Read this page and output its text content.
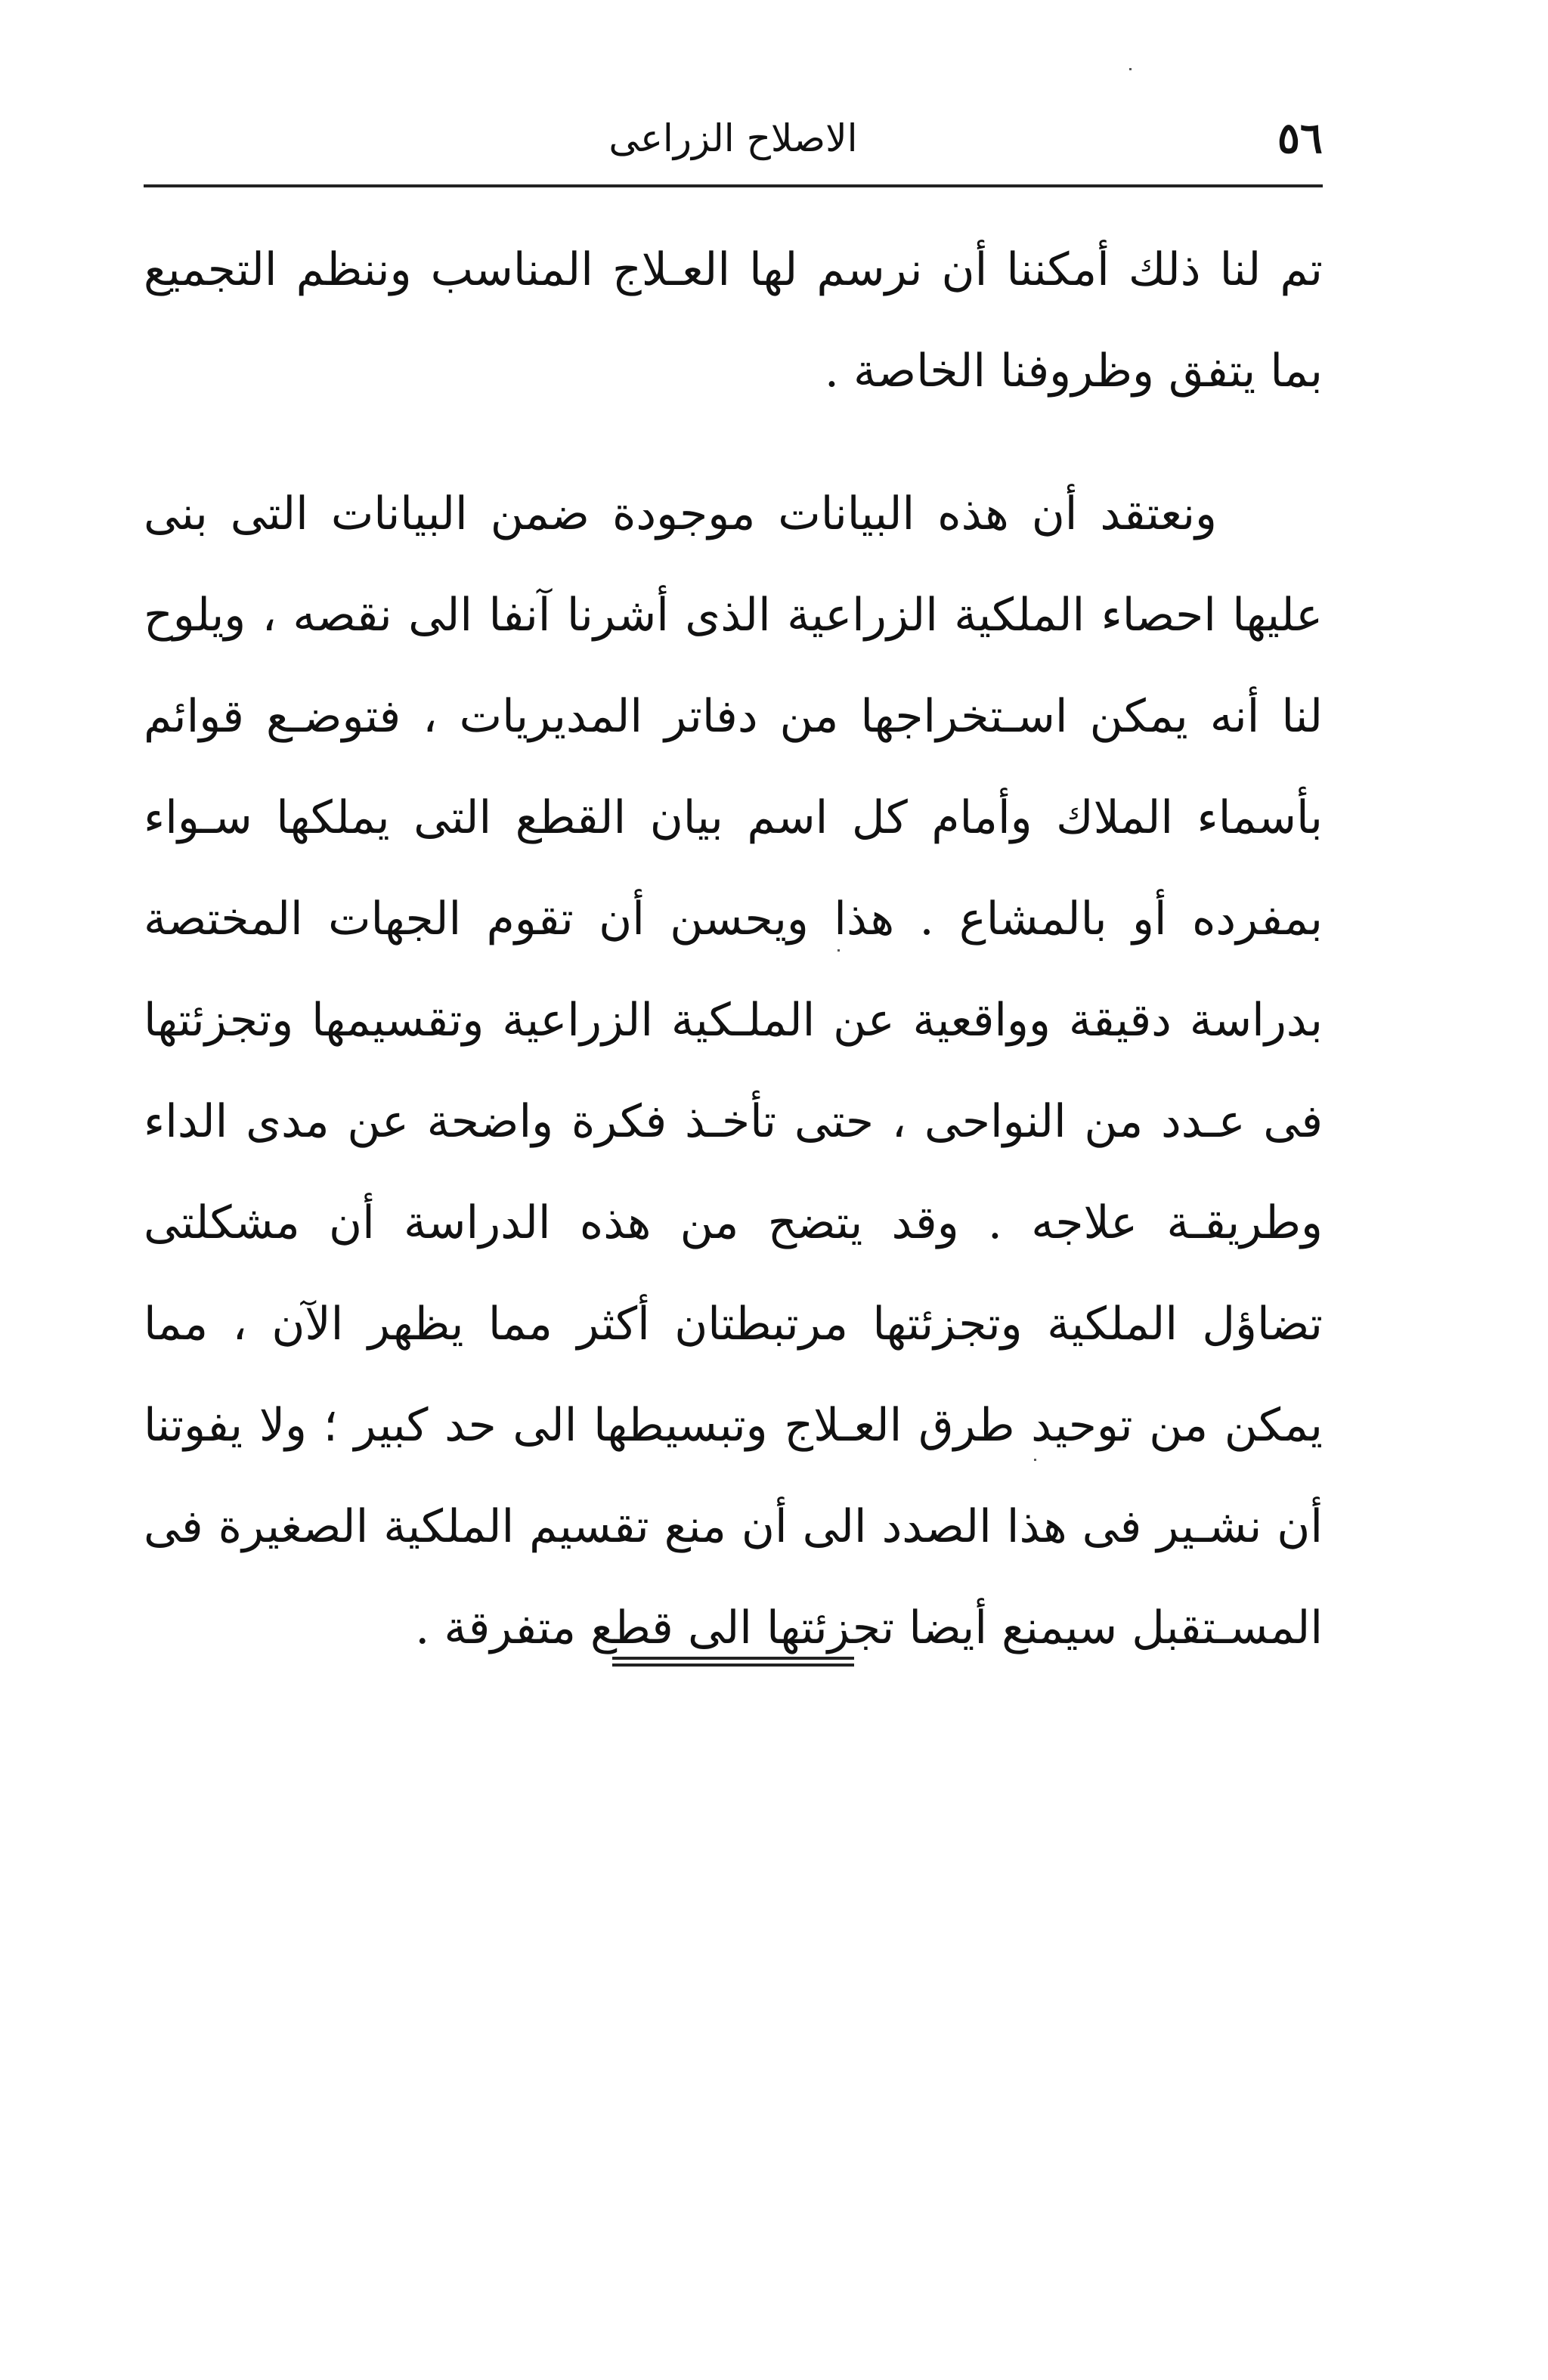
٥٦
الاصلاح الزراعى

تم لنا ذلك أمكننا أن نرسم لها العـلاج المناسب وننظم التجميع بما يتفق وظروفنا الخاصة .

ونعتقد أن هذه البيانات موجودة ضمن البيانات التى بنى عليها احصاء الملكية الزراعية الذى أشرنا آنفا الى نقصه ، ويلوح لنا أنه يمكن اسـتخراجها من دفاتر المديريات ، فتوضـع قوائم بأسماء الملاك وأمام كل اسم بيان القطع التى يملكها سـواء بمفرده أو بالمشاع . هذا ويحسن أن تقوم الجهات المختصة بدراسة دقيقة وواقعية عن الملـكية الزراعية وتقسيمها وتجزئتها فى عـدد من النواحى ، حتى تأخـذ فكرة واضحة عن مدى الداء وطريقـة علاجه . وقد يتضح من هذه الدراسة أن مشكلتى تضاؤل الملكية وتجزئتها مرتبطتان أكثر مما يظهر الآن ، مما يمكن من توحيد طرق العـلاج وتبسيطها الى حد كبير ؛ ولا يفوتنا أن نشـير فى هذا الصدد الى أن منع تقسيم الملكية الصغيرة فى المسـتقبل سيمنع أيضا تجزئتها الى قطع متفرقة .
